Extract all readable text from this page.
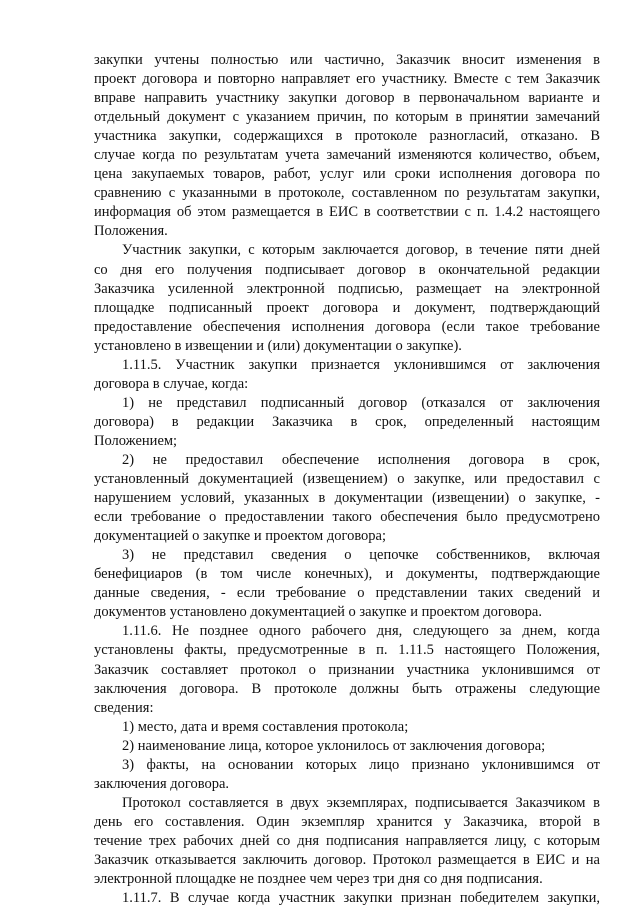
закупки учтены полностью или частично, Заказчик вносит изменения в
проект договора и повторно направляет его участнику. Вместе с тем Заказчик
вправе направить участнику закупки договор в первоначальном варианте и
отдельный документ с указанием причин, по которым в принятии замечаний
участника закупки, содержащихся в протоколе разногласий, отказано. В
случае когда по результатам учета замечаний изменяются количество, объем,
цена закупаемых товаров, работ, услуг или сроки исполнения договора по
сравнению с указанными в протоколе, составленном по результатам закупки,
информация об этом размещается в ЕИС в соответствии с п. 1.4.2 настоящего
Положения.
Участник закупки, с которым заключается договор, в течение пяти дней
со дня его получения подписывает договор в окончательной редакции
Заказчика усиленной электронной подписью, размещает на электронной
площадке подписанный проект договора и документ, подтверждающий
предоставление обеспечения исполнения договора (если такое требование
установлено в извещении и (или) документации о закупке).
1.11.5. Участник закупки признается уклонившимся от заключения
договора в случае, когда:
1) не представил подписанный договор (отказался от заключения
договора) в редакции Заказчика в срок, определенный настоящим
Положением;
2) не предоставил обеспечение исполнения договора в срок,
установленный документацией (извещением) о закупке, или предоставил с
нарушением условий, указанных в документации (извещении) о закупке, -
если требование о предоставлении такого обеспечения было предусмотрено
документацией о закупке и проектом договора;
3) не представил сведения о цепочке собственников, включая
бенефициаров (в том числе конечных), и документы, подтверждающие
данные сведения, - если требование о представлении таких сведений и
документов установлено документацией о закупке и проектом договора.
1.11.6. Не позднее одного рабочего дня, следующего за днем, когда
установлены факты, предусмотренные в п. 1.11.5 настоящего Положения,
Заказчик составляет протокол о признании участника уклонившимся от
заключения договора. В протоколе должны быть отражены следующие
сведения:
1) место, дата и время составления протокола;
2) наименование лица, которое уклонилось от заключения договора;
3) факты, на основании которых лицо признано уклонившимся от
заключения договора.
Протокол составляется в двух экземплярах, подписывается Заказчиком в
день его составления. Один экземпляр хранится у Заказчика, второй в
течение трех рабочих дней со дня подписания направляется лицу, с которым
Заказчик отказывается заключить договор. Протокол размещается в ЕИС и на
электронной площадке не позднее чем через три дня со дня подписания.
1.11.7. В случае когда участник закупки признан победителем закупки,
